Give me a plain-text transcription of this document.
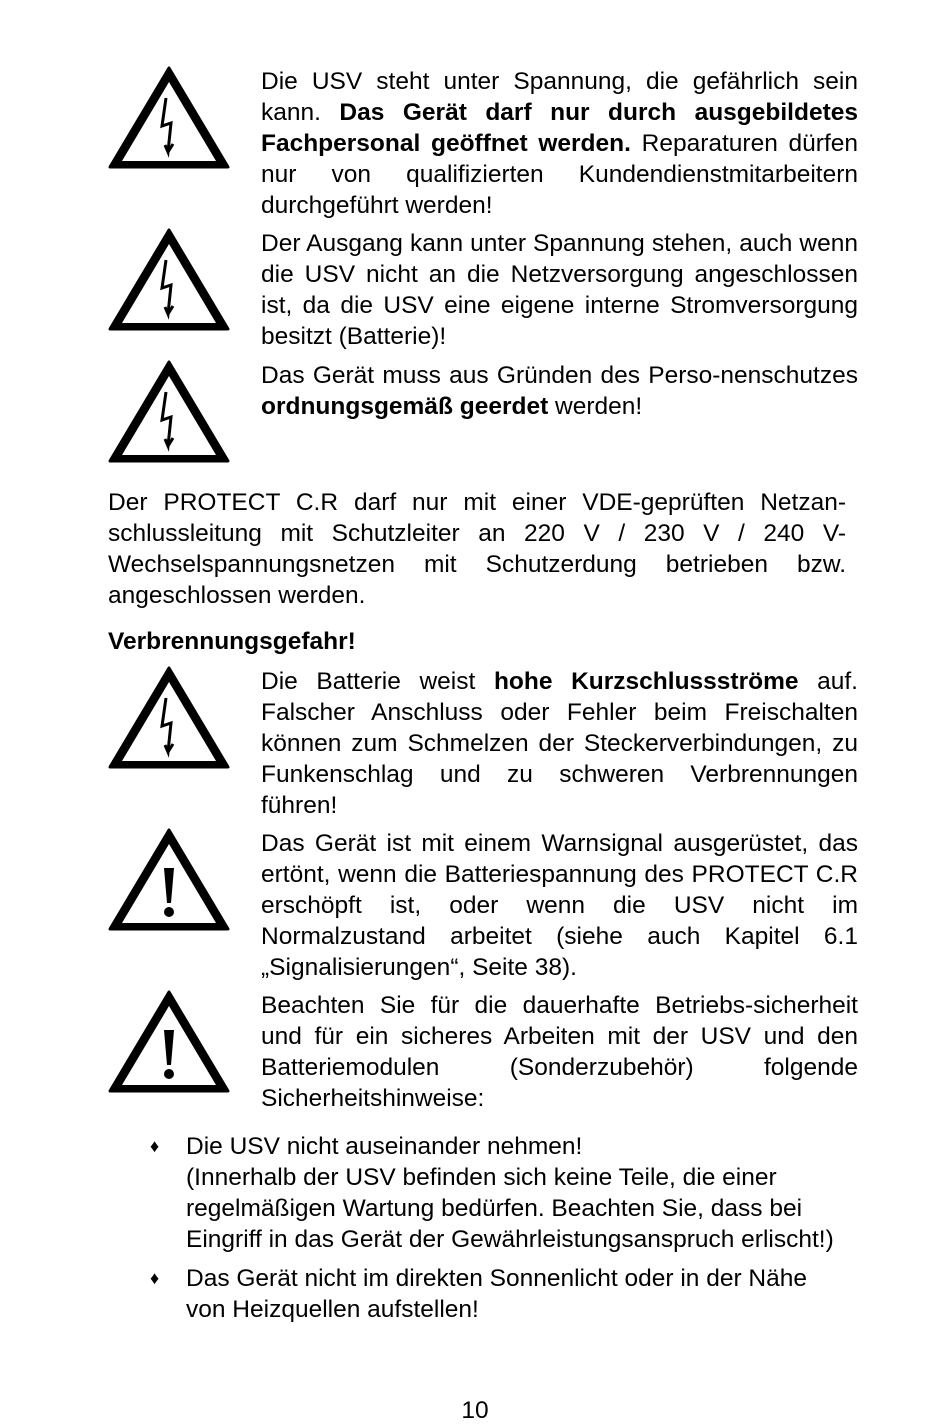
Die USV steht unter Spannung, die gefährlich sein kann. Das Gerät darf nur durch ausgebildetes Fachpersonal geöffnet werden. Reparaturen dürfen nur von qualifizierten Kundendienstmitarbeitern durchgeführt werden!
Der Ausgang kann unter Spannung stehen, auch wenn die USV nicht an die Netzversorgung angeschlossen ist, da die USV eine eigene interne Stromversorgung besitzt (Batterie)!
Das Gerät muss aus Gründen des Perso-nenschutzes ordnungsgemäß geerdet werden!
Der PROTECT C.R darf nur mit einer VDE-geprüften Netzan-schlussleitung mit Schutzleiter an 220 V / 230 V / 240 V-Wechselspannungsnetzen mit Schutzerdung betrieben bzw. angeschlossen werden.
Verbrennungsgefahr!
Die Batterie weist hohe Kurzschlussströme auf. Falscher Anschluss oder Fehler beim Freischalten können zum Schmelzen der Steckerverbindungen, zu Funkenschlag und zu schweren Verbrennungen führen!
Das Gerät ist mit einem Warnsignal ausgerüstet, das ertönt, wenn die Batteriespannung des PROTECT C.R erschöpft ist, oder wenn die USV nicht im Normalzustand arbeitet (siehe auch Kapitel 6.1 „Signalisierungen“, Seite 38).
Beachten Sie für die dauerhafte Betriebs-sicherheit und für ein sicheres Arbeiten mit der USV und den Batteriemodulen (Sonderzubehör) folgende Sicherheitshinweise:
♦ Die USV nicht auseinander nehmen!
(Innerhalb der USV befinden sich keine Teile, die einer regelmäßigen Wartung bedürfen. Beachten Sie, dass bei Eingriff in das Gerät der Gewährleistungsanspruch erlischt!)
♦ Das Gerät nicht im direkten Sonnenlicht oder in der Nähe von Heizquellen aufstellen!
10
